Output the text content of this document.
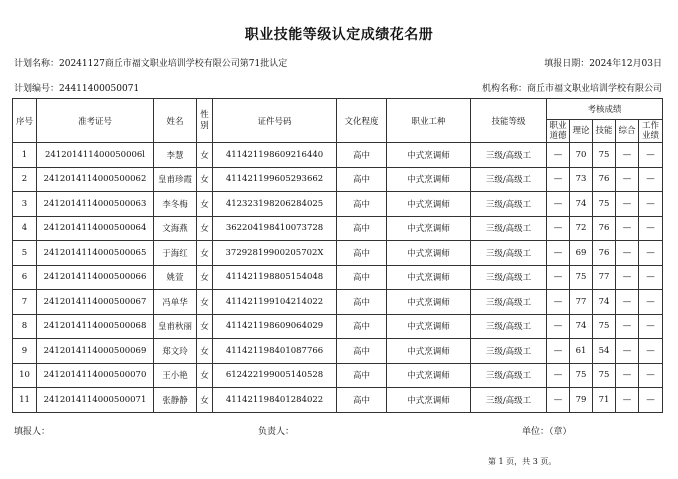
职业技能等级认定成绩花名册
计划名称：20241127商丘市福文职业培训学校有限公司第71批认定	填报日期：2024年12月03日
计划编号：24411400050071	机构名称：商丘市福文职业培训学校有限公司
序号	准考证号	姓名	性别	证件号码	文化程度	职业工种	技能等级	考核成绩				
								职业道德	理论	技能	综合	工作业绩
1	241201411400050006l	李慧	女	411421198609216440	高中	中式烹调师	三级/高级工	—	70	75	—	—
2	2412014114000500062	皇甫珍霞	女	411421199605293662	高中	中式烹调师	三级/高级工	—	73	76	—	—
3	2412014114000500063	李冬梅	女	412323198206284025	高中	中式烹调师	三级/高级工	—	74	75	—	—
4	2412014114000500064	文海燕	女	362204198410073728	高中	中式烹调师	三级/高级工	—	72	76	—	—
5	2412014114000500065	于海红	女	37292819900205702X	高中	中式烹调师	三级/高级工	—	69	76	—	—
6	2412014114000500066	姚萱	女	411421198805154048	高中	中式烹调师	三级/高级工	—	75	77	—	—
7	2412014114000500067	冯单华	女	411421199104214022	高中	中式烹调师	三级/高级工	—	77	74	—	—
8	2412014114000500068	皇甫秋丽	女	411421198609064029	高中	中式烹调师	三级/高级工	—	74	75	—	—
9	2412014114000500069	郑文玲	女	411421198401087766	高中	中式烹调师	三级/高级工	—	61	54	—	—
10	2412014114000500070	王小艳	女	612422199005140528	高中	中式烹调师	三级/高级工	—	75	75	—	—
11	2412014114000500071	张静静	女	411421198401284022	高中	中式烹调师	三级/高级工	—	79	71	—	—
填报人：	负责人：	单位：（章）
第 1 页，共 3 页。
